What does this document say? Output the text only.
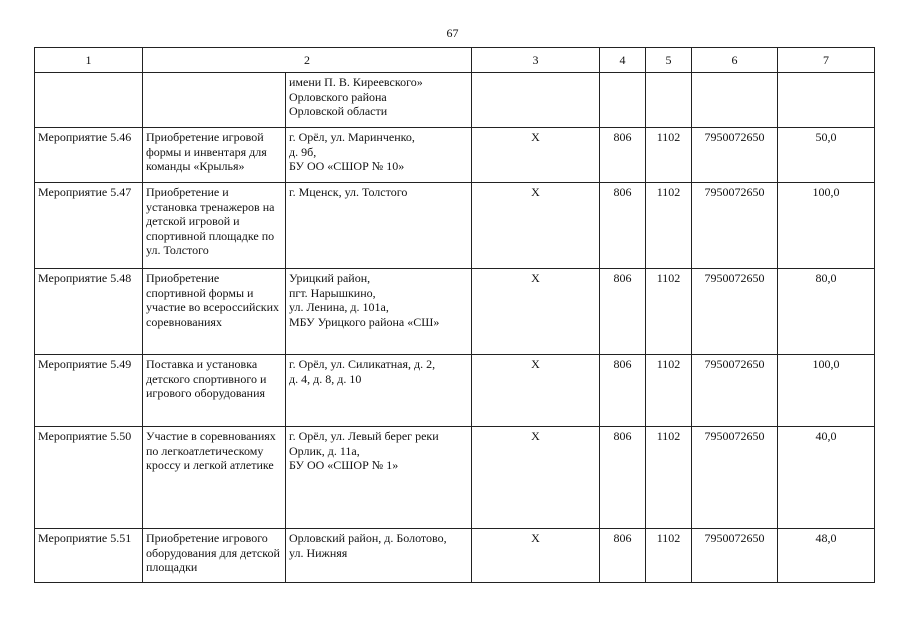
67
1	2		3	4	5	6	7

		имени П. В. Киреевского»
Орловского района
Орловской области					

Мероприятие 5.46	Приобретение игровой формы и инвентаря для команды «Крылья»	г. Орёл, ул. Маринченко,
д. 9б,
БУ ОО «СШОР № 10»	Х	806	1102	7950072650	50,0
Мероприятие 5.47	Приобретение и установка тренажеров на детской игровой и спортивной площадке по ул. Толстого	г. Мценск, ул. Толстого	Х	806	1102	7950072650	100,0
Мероприятие 5.48	Приобретение спортивной формы и участие во всероссийских соревнованиях	Урицкий район,
пгт. Нарышкино,
ул. Ленина, д. 101а,
МБУ Урицкого района «СШ»	Х	806	1102	7950072650	80,0
Мероприятие 5.49	Поставка и установка детского спортивного и игрового оборудования	г. Орёл, ул. Силикатная, д. 2,
д. 4, д. 8, д. 10	Х	806	1102	7950072650	100,0
Мероприятие 5.50	Участие в соревнованиях по легкоатлетическому кроссу и легкой атлетике	г. Орёл, ул. Левый берег реки
Орлик, д. 11а,
БУ ОО «СШОР № 1»	Х	806	1102	7950072650	40,0
Мероприятие 5.51	Приобретение игрового оборудования для детской площадки	Орловский район, д. Болотово,
ул. Нижняя	Х	806	1102	7950072650	48,0
